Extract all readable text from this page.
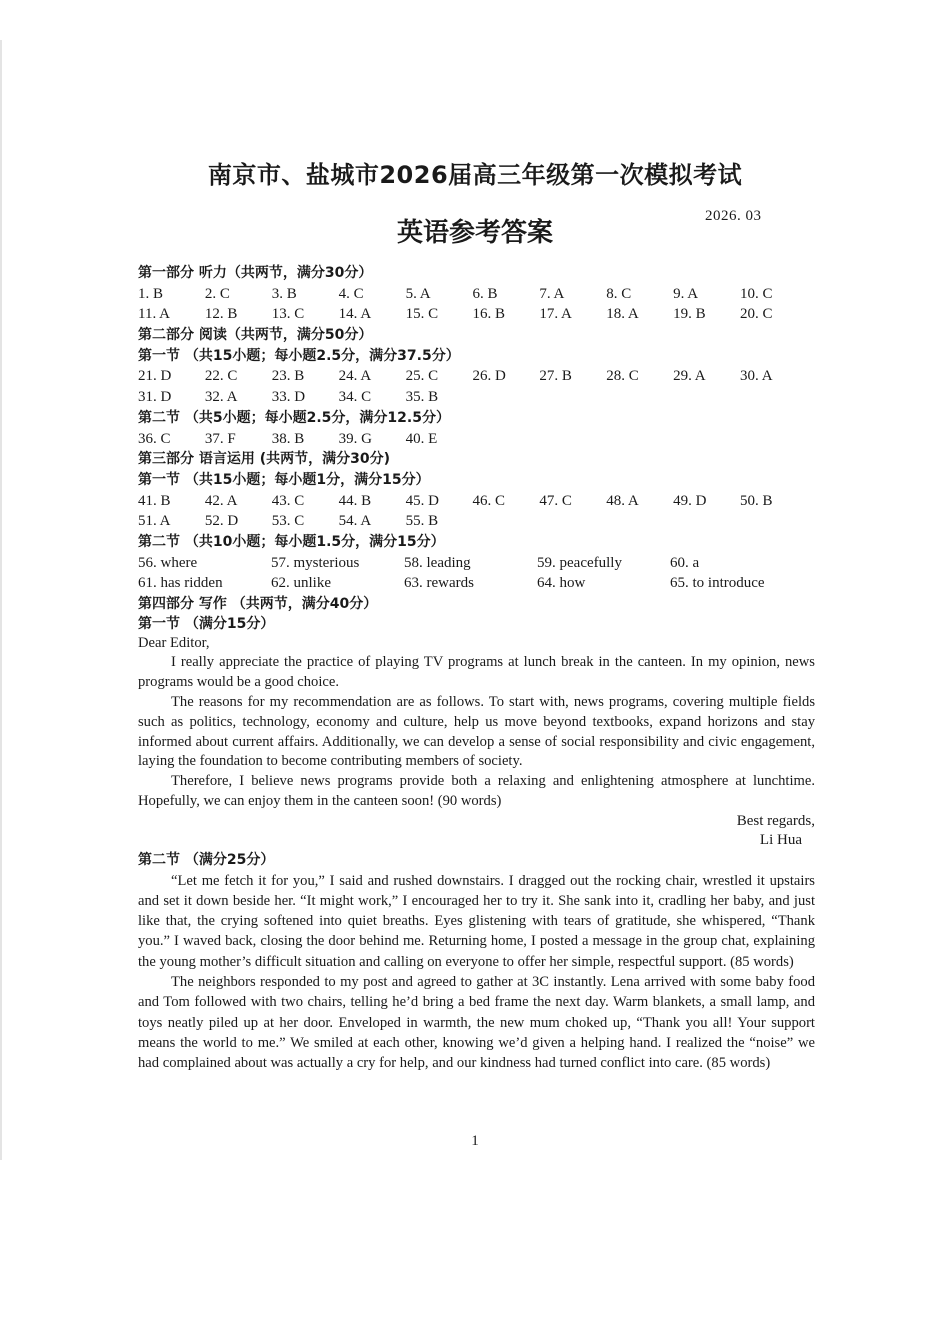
南京市、盐城市2026届高三年级第一次模拟考试
英语参考答案
2026. 03
第一部分 听力（共两节，满分30分）
1. B	2. C	3. B	4. C	5. A	6. B	7. A	8. C	9. A	10. C
11. A	12. B	13. C	14. A	15. C	16. B	17. A	18. A	19. B	20. C
第二部分 阅读（共两节，满分50分）
第一节 （共15小题；每小题2.5分，满分37.5分）
21. D	22. C	23. B	24. A	25. C	26. D	27. B	28. C	29. A	30. A
31. D	32. A	33. D	34. C	35. B
第二节 （共5小题；每小题2.5分，满分12.5分）
36. C	37. F	38. B	39. G	40. E
第三部分 语言运用 (共两节，满分30分)
第一节 （共15小题；每小题1分，满分15分）
41. B	42. A	43. C	44. B	45. D	46. C	47. C	48. A	49. D	50. B
51. A	52. D	53. C	54. A	55. B
第二节 （共10小题；每小题1.5分，满分15分）
56. where	57. mysterious	58. leading	59. peacefully	60. a
61. has ridden	62. unlike	63. rewards	64. how	65. to introduce
第四部分 写作 （共两节，满分40分）
第一节 （满分15分）
Dear Editor,
I really appreciate the practice of playing TV programs at lunch break in the canteen. In my opinion, news programs would be a good choice.
The reasons for my recommendation are as follows. To start with, news programs, covering multiple fields such as politics, technology, economy and culture, help us move beyond textbooks, expand horizons and stay informed about current affairs. Additionally, we can develop a sense of social responsibility and civic engagement, laying the foundation to become contributing members of society.
Therefore, I believe news programs provide both a relaxing and enlightening atmosphere at lunchtime. Hopefully, we can enjoy them in the canteen soon! (90 words)
Best regards,
Li Hua
第二节 （满分25分）
“Let me fetch it for you,” I said and rushed downstairs. I dragged out the rocking chair, wrestled it upstairs and set it down beside her. “It might work,” I encouraged her to try it. She sank into it, cradling her baby, and just like that, the crying softened into quiet breaths. Eyes glistening with tears of gratitude, she whispered, “Thank you.” I waved back, closing the door behind me. Returning home, I posted a message in the group chat, explaining the young mother’s difficult situation and calling on everyone to offer her simple, respectful support. (85 words)
The neighbors responded to my post and agreed to gather at 3C instantly. Lena arrived with some baby food and Tom followed with two chairs, telling he’d bring a bed frame the next day. Warm blankets, a small lamp, and toys neatly piled up at her door. Enveloped in warmth, the new mum choked up, “Thank you all! Your support means the world to me.” We smiled at each other, knowing we’d given a helping hand. I realized the “noise” we had complained about was actually a cry for help, and our kindness had turned conflict into care. (85 words)
1
